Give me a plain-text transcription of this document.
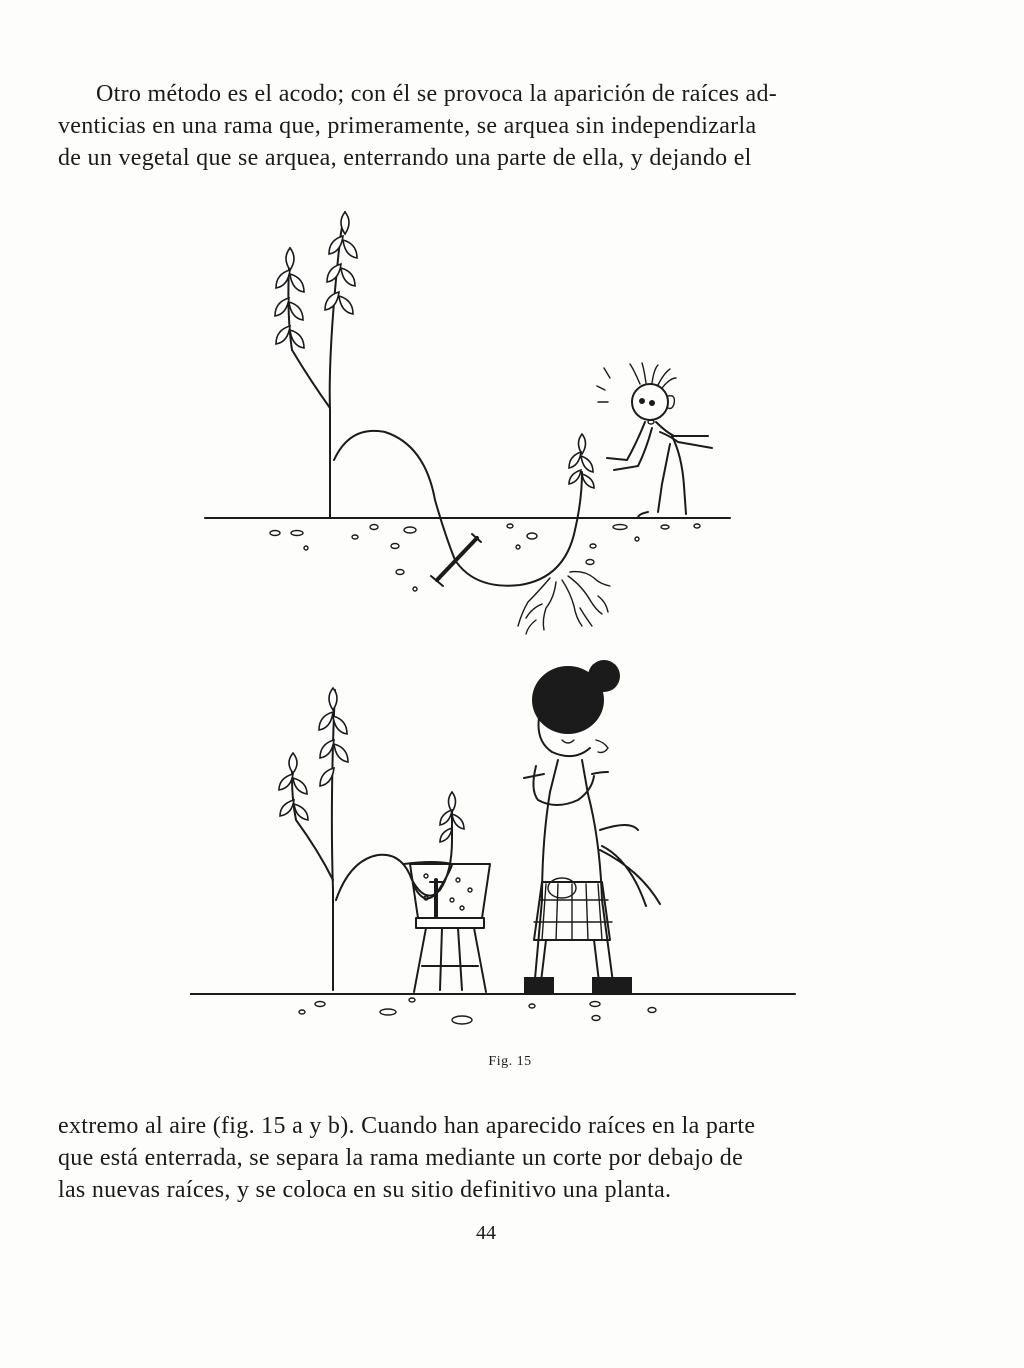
Otro método es el acodo; con él se provoca la aparición de raíces ad-
venticias en una rama que, primeramente, se arquea sin independizarla
de un vegetal que se arquea, enterrando una parte de ella, y dejando el
Fig. 15
extremo al aire (fig. 15 a y b). Cuando han aparecido raíces en la parte
que está enterrada, se separa la rama mediante un corte por debajo de
las nuevas raíces, y se coloca en su sitio definitivo una planta.
44
